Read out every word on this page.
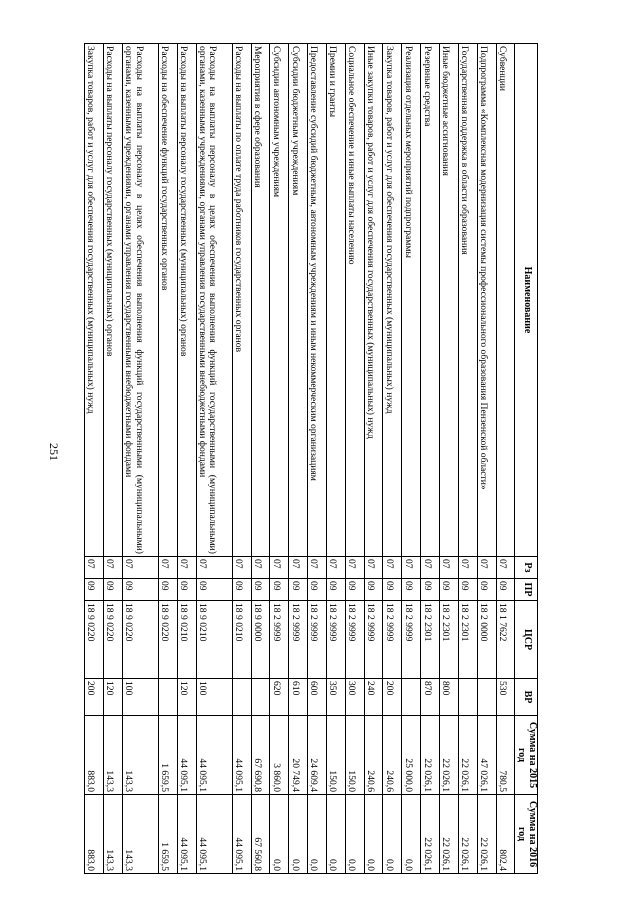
251
Наименование	Рз	ПР	ЦСР	ВР	Сумма на 2015 год	Сумма на 2016 год
Субвенции	07	09	18 1 7622	530	780,5	802,4
Подпрограмма «Комплексная модернизация системы профессионального образования Пензенской области»	07	09	18 2 0000		47 026,1	22 026,1
Государственная поддержка в области образования	07	09	18 2 2301		22 026,1	22 026,1
Иные бюджетные ассигнования	07	09	18 2 2301	800	22 026,1	22 026,1
Резервные средства	07	09	18 2 2301	870	22 026,1	22 026,1
Реализация отдельных мероприятий подпрограммы	07	09	18 2 9999		25 000,0	0,0
Закупка товаров, работ и услуг для обеспечения государственных (муниципальных) нужд	07	09	18 2 9999	200	240,6	0,0
Иные закупки товаров, работ и услуг для обеспечения государственных (муниципальных) нужд	07	09	18 2 9999	240	240,6	0,0
Социальное обеспечение и иные выплаты населению	07	09	18 2 9999	300	150,0	0,0
Премии и гранты	07	09	18 2 9999	350	150,0	0,0
Предоставление субсидий бюджетным, автономным учреждениям и иным некоммерческим организациям	07	09	18 2 9999	600	24 609,4	0,0
Субсидии бюджетным учреждениям	07	09	18 2 9999	610	20 749,4	0,0
Субсидии автономным учреждениям	07	09	18 2 9999	620	3 860,0	0,0
Мероприятия в сфере образования	07	09	18 9 0000		67 690,8	67 560,8
Расходы на выплаты по оплате труда работников государственных органов	07	09	18 9 0210		44 095,1	44 095,1
Расходы на выплаты персоналу в целях обеспечения выполнения функций государственными (муниципальными) органами, казенными учреждениями, органами управления государственными внебюджетными фондами	07	09	18 9 0210	100	44 095,1	44 095,1
Расходы на выплаты персоналу государственных (муниципальных) органов	07	09	18 9 0210	120	44 095,1	44 095,1
Расходы на обеспечение функций государственных органов	07	09	18 9 0220		1 659,5	1 659,5
Расходы на выплаты персоналу в целях обеспечения выполнения функций государственными (муниципальными) органами, казенными учреждениями, органами управления государственными внебюджетными фондами	07	09	18 9 0220	100	143,3	143,3
Расходы на выплаты персоналу государственных (муниципальных) органов	07	09	18 9 0220	120	143,3	143,3
Закупка товаров, работ и услуг для обеспечения государственных (муниципальных) нужд	07	09	18 9 0220	200	883,0	883,0
